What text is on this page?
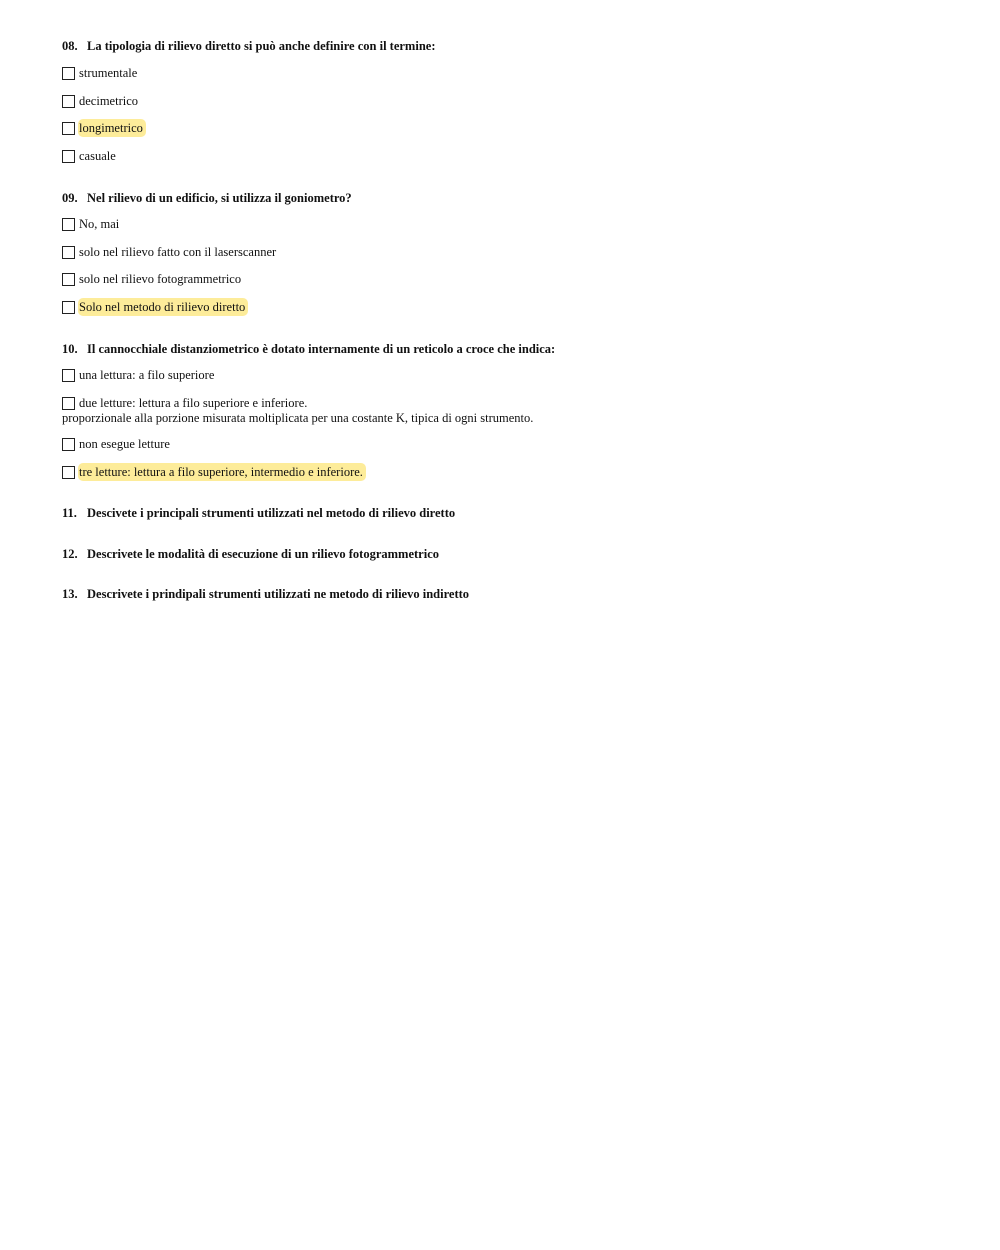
08. La tipologia di rilievo diretto si può anche definire con il termine:
strumentale
decimetrico
longimetrico
casuale
09. Nel rilievo di un edificio, si utilizza il goniometro?
No, mai
solo nel rilievo fatto con il laserscanner
solo nel rilievo fotogrammetrico
Solo nel metodo di rilievo diretto
10. Il cannocchiale distanziometrico è dotato internamente di un reticolo a croce che indica:
una lettura: a filo superiore
due letture: lettura a filo superiore e inferiore.
proporzionale alla porzione misurata moltiplicata per una costante K, tipica di ogni strumento.
non esegue letture
tre letture: lettura a filo superiore, intermedio e inferiore.
11. Descivete i principali strumenti utilizzati nel metodo di rilievo diretto
12. Descrivete le modalità di esecuzione di un rilievo fotogrammetrico
13. Descrivete i prindipali strumenti utilizzati ne metodo di rilievo indiretto
